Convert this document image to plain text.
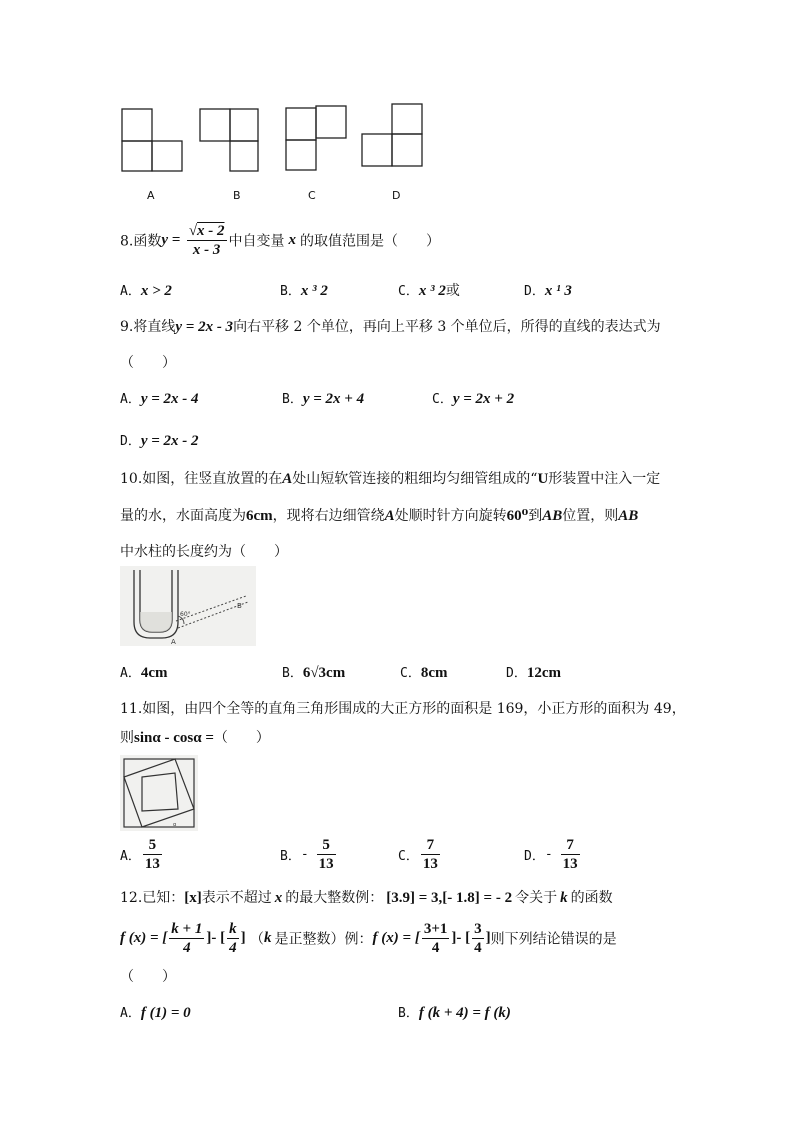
A	B	C	D
8.函数$y = \frac{√x - 2}{x - 3}$ 中自变量 x 的取值范围是（　　）
A．x > 2	B．x ³ 2	C．x ³ 2或	D．x ¹ 3
9.将直线y = 2x - 3向右平移 2 个单位，再向上平移 3 个单位后，所得的直线的表达式为
（　　）
A．y = 2x - 4	B．y = 2x + 4	C．y = 2x + 2
D．y = 2x - 2
10.如图，往竖直放置的在A处山短软管连接的粗细均匀细管组成的“U形装置中注入一定
量的水，水面高度为6cm，现将右边细管绕A处顺时针方向旋转60⁰到AB位置，则AB
中水柱的长度约为（　　）
60°
A
B
A．4cm	B．6√3cm	C．8cm	D．12cm
11.如图，由四个全等的直角三角形围成的大正方形的面积是 169，小正方形的面积为 49，
则sinα - cosα =（　　）
α
A． $\frac{5}{13}$	B．- $\frac{5}{13}$	C． $\frac{7}{13}$	D．- $\frac{7}{13}$
12.已知：[x]表示不超过 x 的最大整数例： [3.9] = 3,[- 1.8] = - 2 令关于 k 的函数
f (x) = [ $\frac{k + 1}{4}$ ]- [ $\frac{k}{4}$ ] （k 是正整数）例：f (x) = [ $\frac{3+1}{4}$ ]- [ $\frac{3}{4}$ ]则下列结论错误的是
（　　）
A．f (1) = 0	B．f (k + 4) = f (k)
